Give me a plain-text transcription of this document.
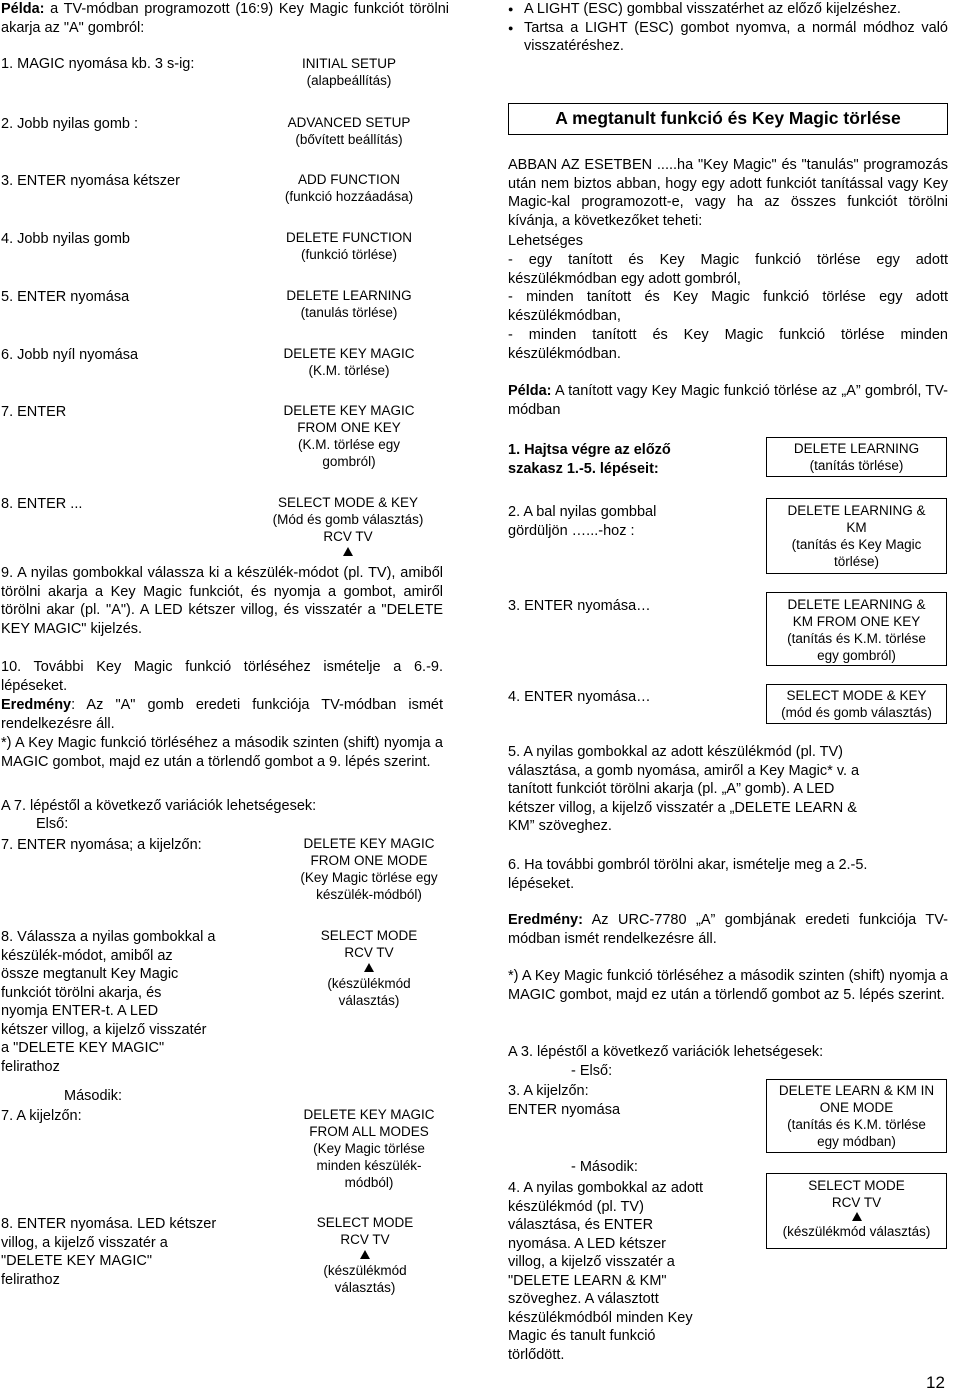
Példa: a TV-módban programozott (16:9) Key Magic funkciót törölni akarja az "A" gombról:
1. MAGIC nyomása kb. 3 s-ig:	INITIAL SETUP
(alapbeállítás)
2. Jobb nyilas gomb :	ADVANCED SETUP
(bővített beállítás)
3. ENTER nyomása kétszer	ADD FUNCTION
(funkció hozzáadása)
4. Jobb nyilas gomb	DELETE FUNCTION
(funkció törlése)
5. ENTER nyomása	DELETE LEARNING
(tanulás törlése)
6. Jobb nyíl nyomása	DELETE KEY MAGIC
(K.M. törlése)
7. ENTER	DELETE KEY MAGIC
FROM ONE KEY
(K.M. törlése egy
gombról)
8. ENTER ...	SELECT MODE & KEY
(Mód és gomb választás)
RCV TV
9. A nyilas gombokkal válassza ki a készülék-módot (pl. TV), amiből törölni akarja a Key Magic funkciót, és nyomja a gombot, amiről törölni akar (pl. "A"). A LED kétszer villog, és visszatér a "DELETE KEY MAGIC" kijelzés.
10. További Key Magic funkció törléséhez ismételje a 6.-9. lépéseket.
Eredmény: Az "A" gomb eredeti funkciója TV-módban ismét rendelkezésre áll.
*) A Key Magic funkció törléséhez a második szinten (shift) nyomja a MAGIC gombot, majd ez után a törlendő gombot a 9. lépés szerint.
A 7. lépéstől a következő variációk lehetségesek:
Első:
7. ENTER nyomása; a kijelzőn:	DELETE KEY MAGIC
FROM ONE MODE
(Key Magic törlése egy
készülék-módból)
8. Válassza a nyilas gombokkal a
készülék-módot, amiből az
össze megtanult Key Magic
funkciót törölni akarja, és
nyomja ENTER-t. A LED
kétszer villog, a kijelző visszatér
a "DELETE KEY MAGIC"
felirathoz
SELECT MODE
RCV TV
(készülékmód
választás)
Második:
7. A kijelzőn:	DELETE KEY MAGIC
FROM ALL MODES
(Key Magic törlése
minden készülék-
módból)
8. ENTER nyomása. LED kétszer
villog, a kijelző visszatér a
"DELETE KEY MAGIC"
felirathoz
SELECT MODE
RCV TV
(készülékmód
választás)
● A LIGHT (ESC) gombbal visszatérhet az előző kijelzéshez.
● Tartsa a LIGHT (ESC) gombot nyomva, a normál módhoz való visszatéréshez.
A megtanult funkció és Key Magic törlése
ABBAN AZ ESETBEN .....ha "Key Magic" és "tanulás" programozás után nem biztos abban, hogy egy adott funkciót tanítással vagy Key Magic-kal programozott-e, vagy ha az összes funkciót törölni kívánja, a következőket teheti:
Lehetséges
- egy tanított és Key Magic funkció törlése egy adott készülékmódban egy adott gombról,
- minden tanított és Key Magic funkció törlése egy adott készülékmódban,
- minden tanított és Key Magic funkció törlése minden készülékmódban.
Példa: A tanított vagy Key Magic funkció törlése az „A” gombról, TV-módban
1. Hajtsa végre az előző
szakasz 1.-5. lépéseit:
DELETE LEARNING
(tanítás törlése)
2. A bal nyilas gombbal
gördüljön …...-hoz :
DELETE LEARNING &
KM
(tanítás és Key Magic
törlése)
3. ENTER nyomása…	DELETE LEARNING &
KM FROM ONE KEY
(tanítás és K.M. törlése
egy gombról)
4. ENTER nyomása…	SELECT MODE & KEY
(mód és gomb választás)
5. A nyilas gombokkal az adott készülékmód (pl. TV)
választása, a gomb nyomása, amiről a Key Magic* v. a
tanított funkciót törölni akarja (pl. „A” gomb). A LED
kétszer villog, a kijelző visszatér a „DELETE LEARN &
KM” szöveghez.
6. Ha további gombról törölni akar, ismételje meg a 2.-5.
lépéseket.
Eredmény: Az URC-7780 „A” gombjának eredeti funkciója TV-módban ismét rendelkezésre áll.
*) A Key Magic funkció törléséhez a második szinten (shift) nyomja a MAGIC gombot, majd ez után a törlendő gombot az 5. lépés szerint.
A 3. lépéstől a következő variációk lehetségesek:
- Első:
3. A kijelzőn:
ENTER nyomása
DELETE LEARN & KM IN
ONE MODE
(tanítás és K.M. törlése
egy módban)
- Második:
4. A nyilas gombokkal az adott
készülékmód (pl. TV)
választása, és ENTER
nyomása. A LED kétszer
villog, a kijelző visszatér a
"DELETE LEARN & KM"
szöveghez. A választott
készülékmódból minden Key
Magic és tanult funkció
törlődött.
SELECT MODE
RCV TV
(készülékmód választás)
12
